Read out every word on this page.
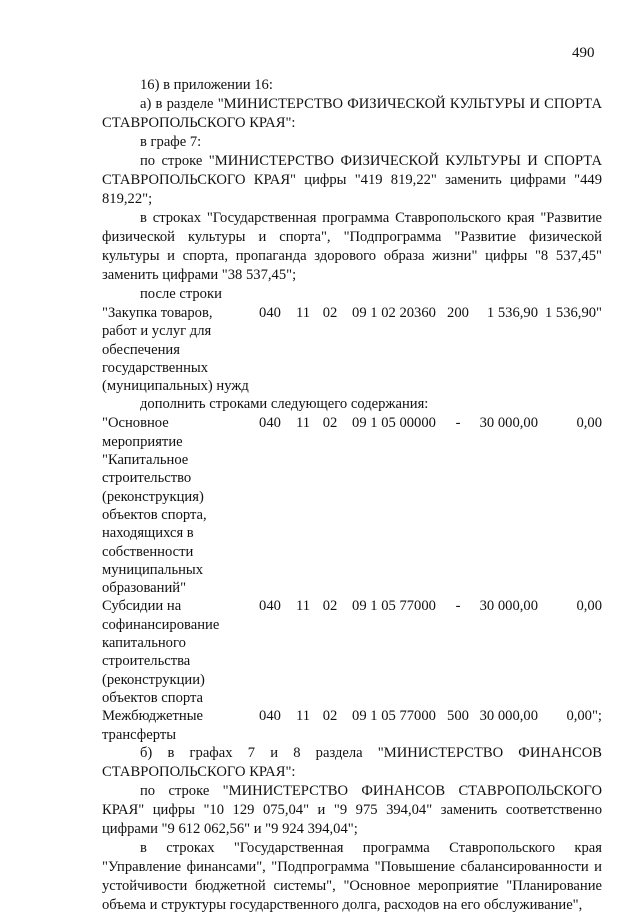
490

16) в приложении 16:

а) в разделе "МИНИСТЕРСТВО ФИЗИЧЕСКОЙ КУЛЬТУРЫ И СПОРТА СТАВРОПОЛЬСКОГО КРАЯ":

в графе 7:

по строке "МИНИСТЕРСТВО ФИЗИЧЕСКОЙ КУЛЬТУРЫ И СПОРТА СТАВРОПОЛЬСКОГО КРАЯ" цифры "419 819,22" заменить цифрами "449 819,22";

в строках "Государственная программа Ставропольского края "Развитие физической культуры и спорта", "Подпрограмма "Развитие физической культуры и спорта, пропаганда здорового образа жизни" цифры "8 537,45" заменить цифрами "38 537,45";

после строки

"Закупка товаров, работ и услуг для обеспечения государственных (муниципальных) нужд	040	11	02	09 1 02 20360	200	1 536,90	1 536,90"

дополнить строками следующего содержания:

"Основное мероприятие "Капитальное строительство (реконструкция) объектов спорта, находящихся в собственности муниципальных образований"	040	11	02	09 1 05 00000	-	30 000,00	0,00
Субсидии на софинансирование капитального строительства (реконструкции) объектов спорта	040	11	02	09 1 05 77000	-	30 000,00	0,00
Межбюджетные трансферты	040	11	02	09 1 05 77000	500	30 000,00	0,00";

б) в графах 7 и 8 раздела "МИНИСТЕРСТВО ФИНАНСОВ СТАВРОПОЛЬСКОГО КРАЯ":

по строке "МИНИСТЕРСТВО ФИНАНСОВ СТАВРОПОЛЬСКОГО КРАЯ" цифры "10 129 075,04" и "9 975 394,04" заменить соответственно цифрами "9 612 062,56" и "9 924 394,04";

в строках "Государственная программа Ставропольского края "Управление финансами", "Подпрограмма "Повышение сбалансированности и устойчивости бюджетной системы", "Основное мероприятие "Планирование объема и структуры государственного долга, расходов на его обслуживание",
